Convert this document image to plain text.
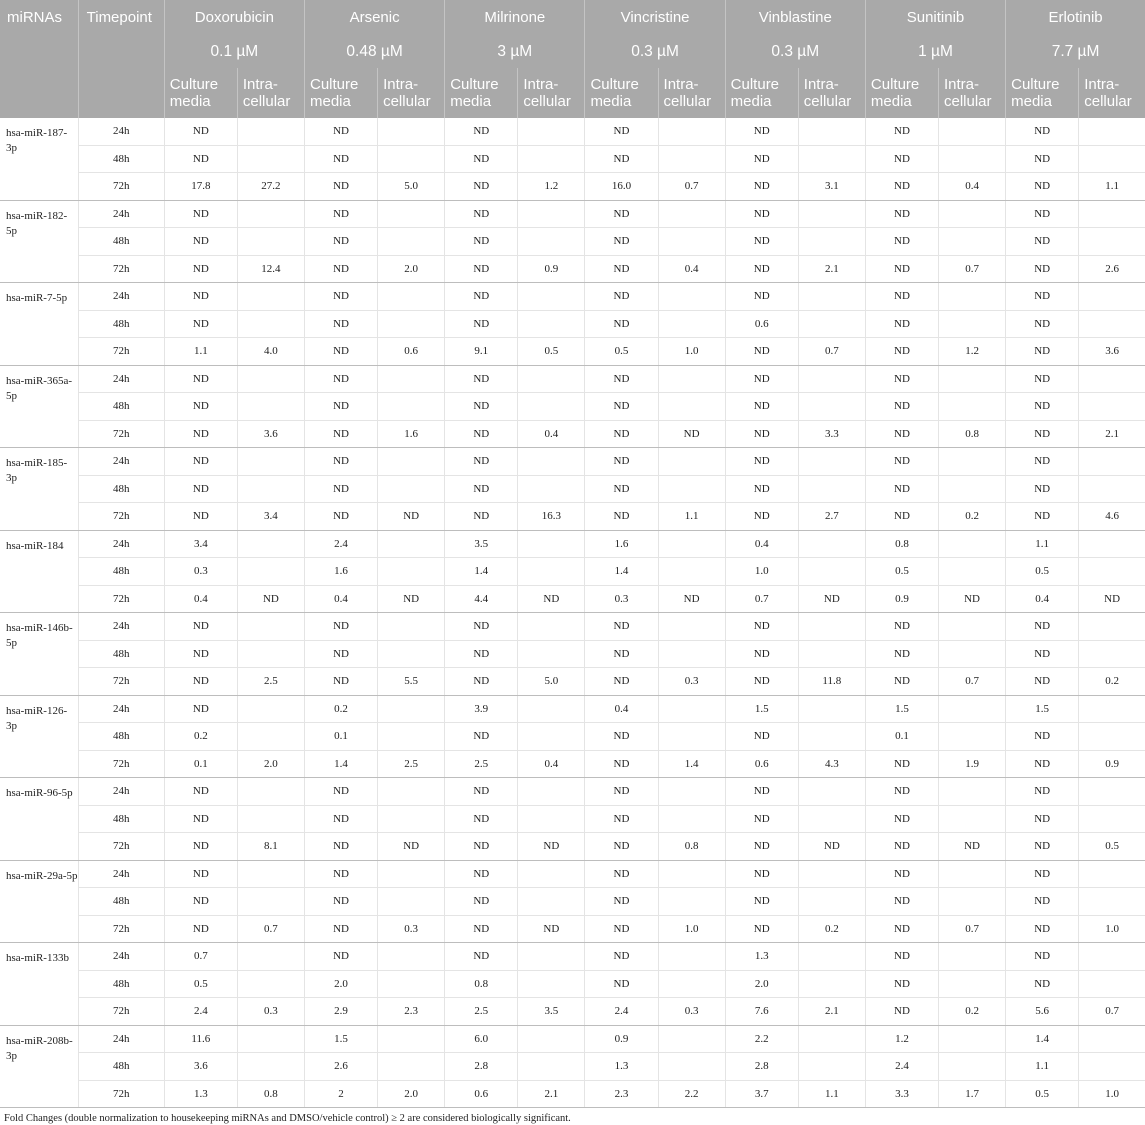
miRNAs	Timepoint	Doxorubicin		Arsenic		Milrinone		Vincristine		Vinblastine		Sunitinib		Erlotinib	
		0.1 µM		0.48 µM		3 µM		0.3 µM		0.3 µM		1 µM		7.7 µM	
		Culture media	Intra-cellular	Culture media	Intra-cellular	Culture media	Intra-cellular	Culture media	Intra-cellular	Culture media	Intra-cellular	Culture media	Intra-cellular	Culture media	Intra-cellular
hsa-miR-187-3p	24h	ND		ND		ND		ND		ND		ND		ND	
	48h	ND		ND		ND		ND		ND		ND		ND	
	72h	17.8	27.2	ND	5.0	ND	1.2	16.0	0.7	ND	3.1	ND	0.4	ND	1.1
hsa-miR-182-5p	24h	ND		ND		ND		ND		ND		ND		ND	
	48h	ND		ND		ND		ND		ND		ND		ND	
	72h	ND	12.4	ND	2.0	ND	0.9	ND	0.4	ND	2.1	ND	0.7	ND	2.6
hsa-miR-7-5p	24h	ND		ND		ND		ND		ND		ND		ND	
	48h	ND		ND		ND		ND		0.6		ND		ND	
	72h	1.1	4.0	ND	0.6	9.1	0.5	0.5	1.0	ND	0.7	ND	1.2	ND	3.6
hsa-miR-365a-5p	24h	ND		ND		ND		ND		ND		ND		ND	
	48h	ND		ND		ND		ND		ND		ND		ND	
	72h	ND	3.6	ND	1.6	ND	0.4	ND	ND	ND	3.3	ND	0.8	ND	2.1
hsa-miR-185-3p	24h	ND		ND		ND		ND		ND		ND		ND	
	48h	ND		ND		ND		ND		ND		ND		ND	
	72h	ND	3.4	ND	ND	ND	16.3	ND	1.1	ND	2.7	ND	0.2	ND	4.6
hsa-miR-184	24h	3.4		2.4		3.5		1.6		0.4		0.8		1.1	
	48h	0.3		1.6		1.4		1.4		1.0		0.5		0.5	
	72h	0.4	ND	0.4	ND	4.4	ND	0.3	ND	0.7	ND	0.9	ND	0.4	ND
hsa-miR-146b-5p	24h	ND		ND		ND		ND		ND		ND		ND	
	48h	ND		ND		ND		ND		ND		ND		ND	
	72h	ND	2.5	ND	5.5	ND	5.0	ND	0.3	ND	11.8	ND	0.7	ND	0.2
hsa-miR-126-3p	24h	ND		0.2		3.9		0.4		1.5		1.5		1.5	
	48h	0.2		0.1		ND		ND		ND		0.1		ND	
	72h	0.1	2.0	1.4	2.5	2.5	0.4	ND	1.4	0.6	4.3	ND	1.9	ND	0.9
hsa-miR-96-5p	24h	ND		ND		ND		ND		ND		ND		ND	
	48h	ND		ND		ND		ND		ND		ND		ND	
	72h	ND	8.1	ND	ND	ND	ND	ND	0.8	ND	ND	ND	ND	ND	0.5
hsa-miR-29a-5p	24h	ND		ND		ND		ND		ND		ND		ND	
	48h	ND		ND		ND		ND		ND		ND		ND	
	72h	ND	0.7	ND	0.3	ND	ND	ND	1.0	ND	0.2	ND	0.7	ND	1.0
hsa-miR-133b	24h	0.7		ND		ND		ND		1.3		ND		ND	
	48h	0.5		2.0		0.8		ND		2.0		ND		ND	
	72h	2.4	0.3	2.9	2.3	2.5	3.5	2.4	0.3	7.6	2.1	ND	0.2	5.6	0.7
hsa-miR-208b-3p	24h	11.6		1.5		6.0		0.9		2.2		1.2		1.4	
	48h	3.6		2.6		2.8		1.3		2.8		2.4		1.1	
	72h	1.3	0.8	2	2.0	0.6	2.1	2.3	2.2	3.7	1.1	3.3	1.7	0.5	1.0
Fold Changes (double normalization to housekeeping miRNAs and DMSO/vehicle control) ≥ 2 are considered biologically significant.
